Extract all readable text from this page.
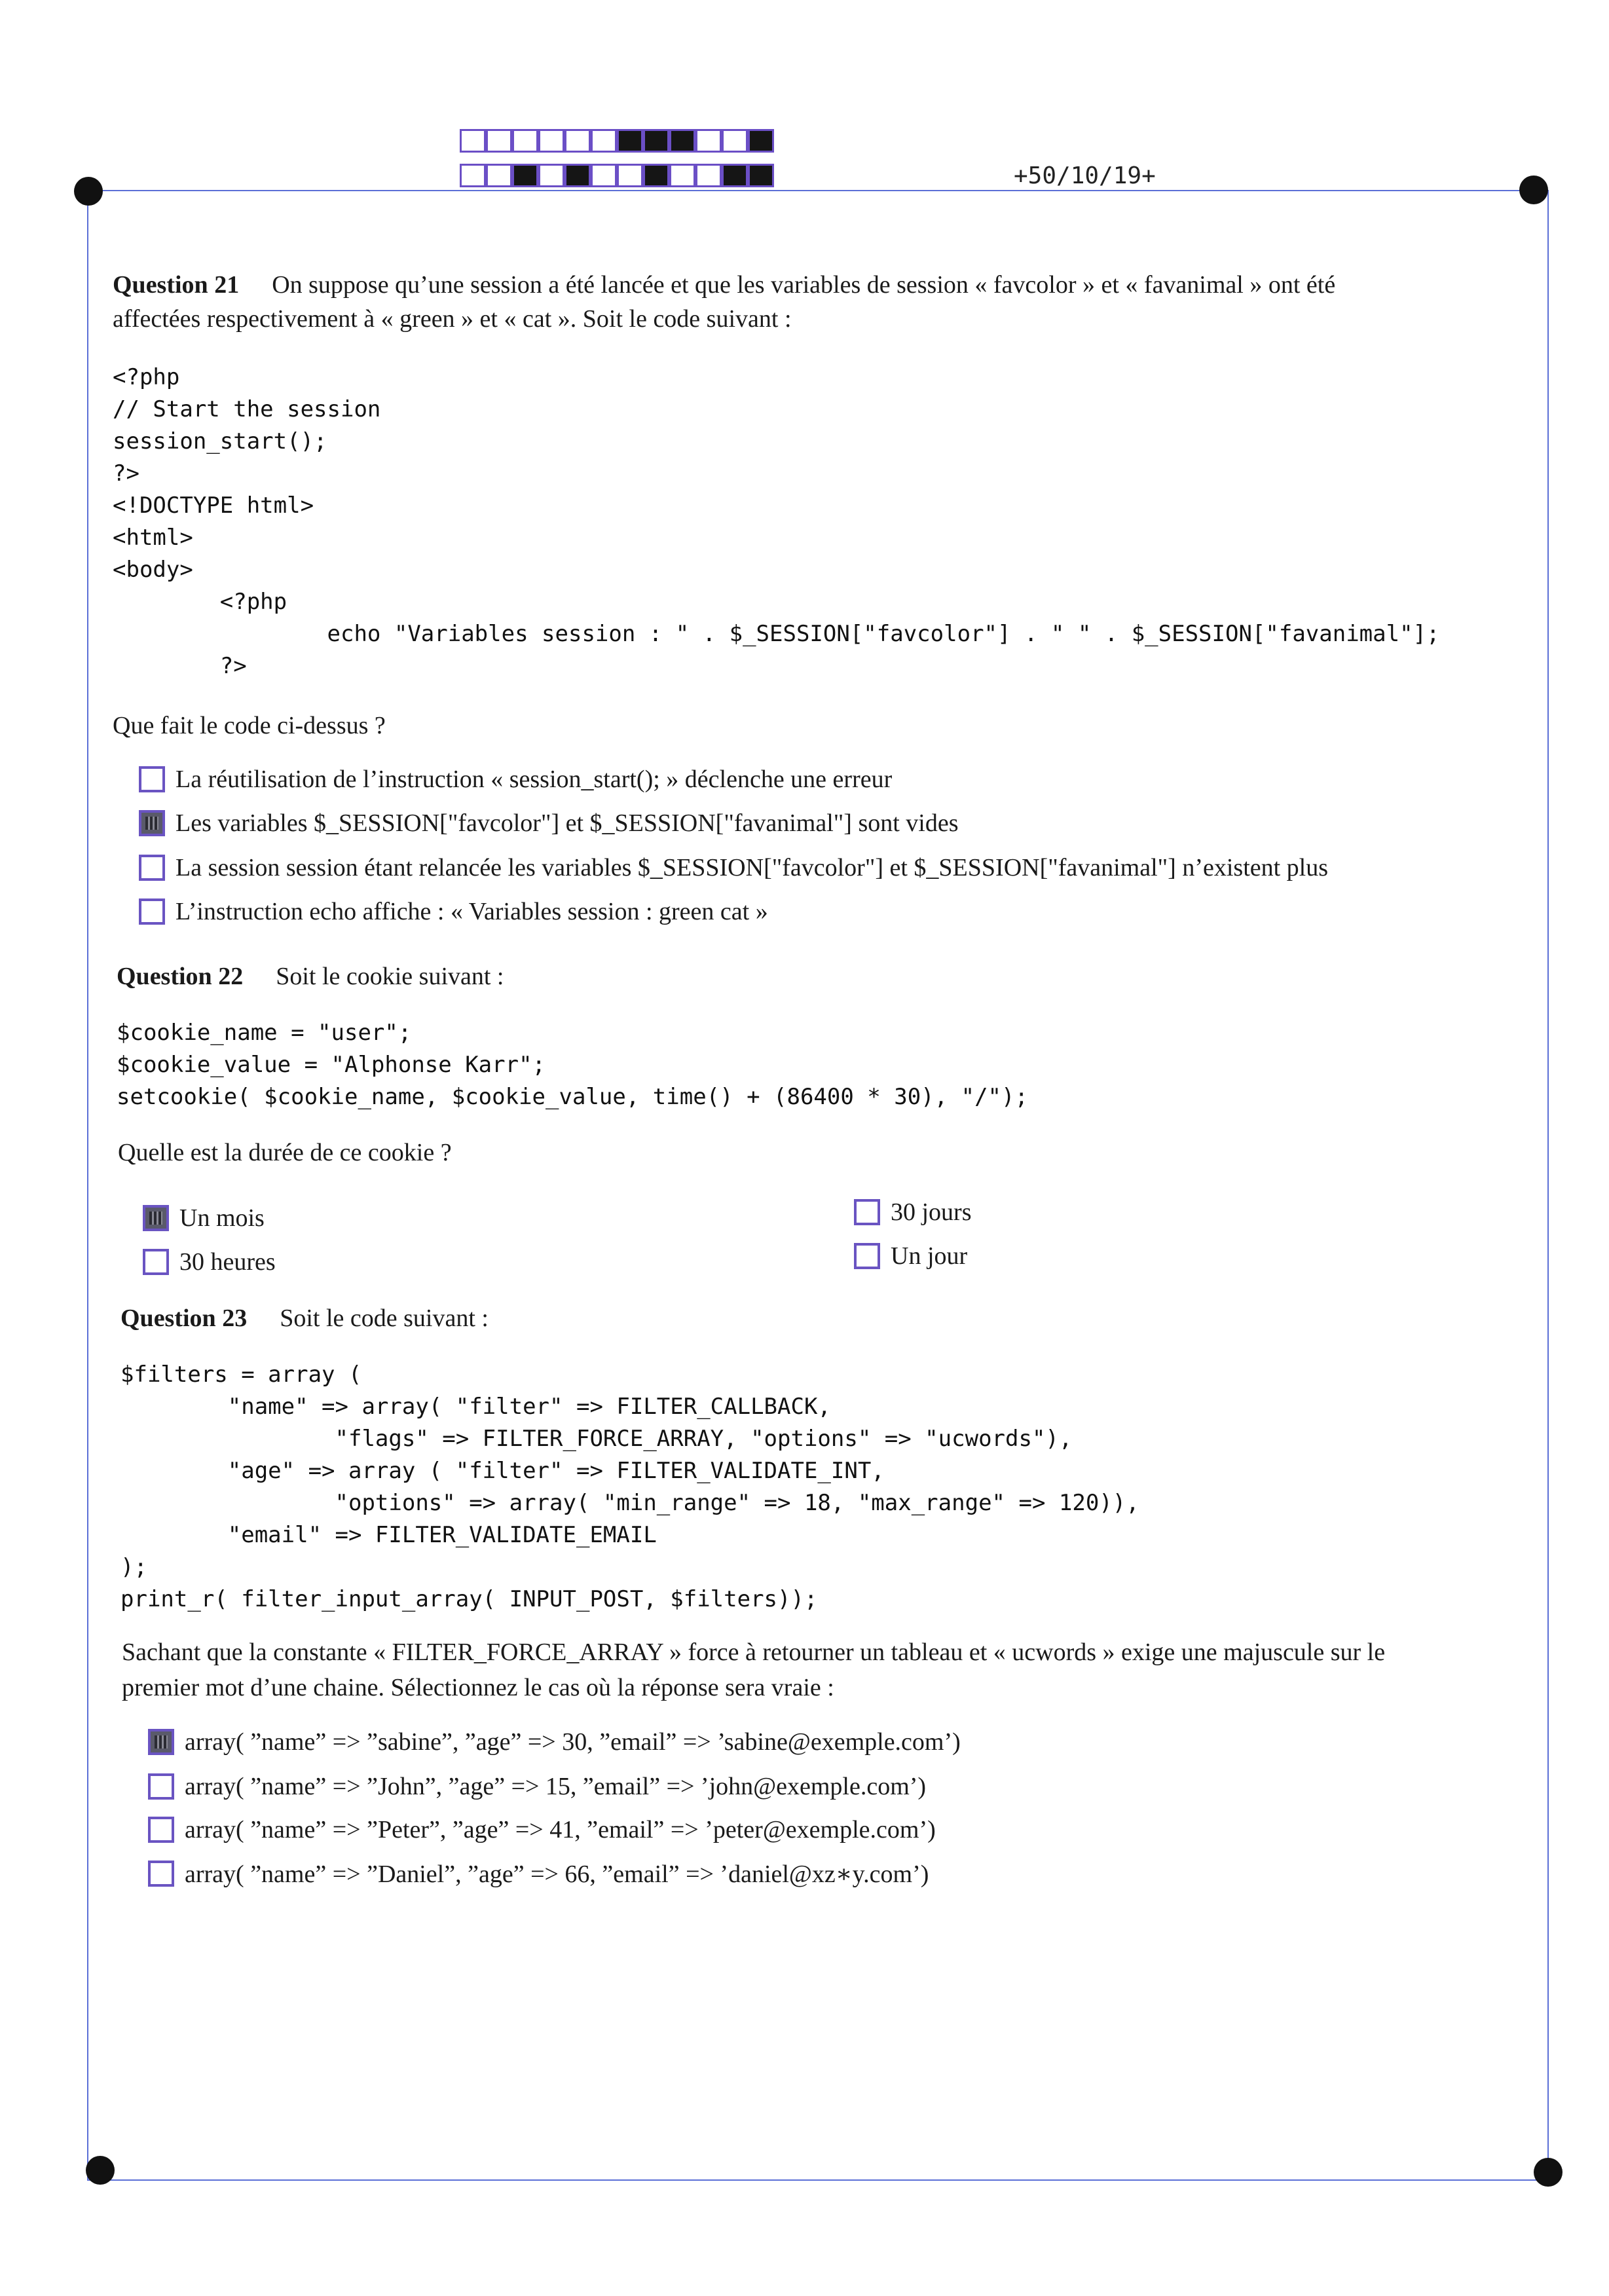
+50/10/19+
Question 21 On suppose qu’une session a été lancée et que les variables de session « favcolor » et « favanimal » ont été
affectées respectivement à « green » et « cat ». Soit le code suivant :
<?php
// Start the session
session_start();
?>
<!DOCTYPE html>
<html>
<body>
<?php
echo "Variables session : " . $_SESSION["favcolor"] . " " . $_SESSION["favanimal"];
?>
Que fait le code ci-dessus ?
La réutilisation de l’instruction « session_start(); » déclenche une erreur
Les variables $_SESSION["favcolor"] et $_SESSION["favanimal"] sont vides
La session session étant relancée les variables $_SESSION["favcolor"] et $_SESSION["favanimal"] n’existent plus
L’instruction echo affiche : « Variables session : green cat »
Question 22 Soit le cookie suivant :
$cookie_name = "user";
$cookie_value = "Alphonse Karr";
setcookie( $cookie_name, $cookie_value, time() + (86400 * 30), "/");
Quelle est la durée de ce cookie ?
Un mois
30 heures
30 jours
Un jour
Question 23 Soit le code suivant :
$filters = array (
"name" => array( "filter" => FILTER_CALLBACK,
"flags" => FILTER_FORCE_ARRAY, "options" => "ucwords"),
"age" => array ( "filter" => FILTER_VALIDATE_INT,
"options" => array( "min_range" => 18, "max_range" => 120)),
"email" => FILTER_VALIDATE_EMAIL
);
print_r( filter_input_array( INPUT_POST, $filters));
Sachant que la constante « FILTER_FORCE_ARRAY » force à retourner un tableau et « ucwords » exige une majuscule sur le
premier mot d’une chaine. Sélectionnez le cas où la réponse sera vraie :
array( ”name” => ”sabine”, ”age” => 30, ”email” => ’sabine@exemple.com’)
array( ”name” => ”John”, ”age” => 15, ”email” => ’john@exemple.com’)
array( ”name” => ”Peter”, ”age” => 41, ”email” => ’peter@exemple.com’)
array( ”name” => ”Daniel”, ”age” => 66, ”email” => ’daniel@xz∗y.com’)
